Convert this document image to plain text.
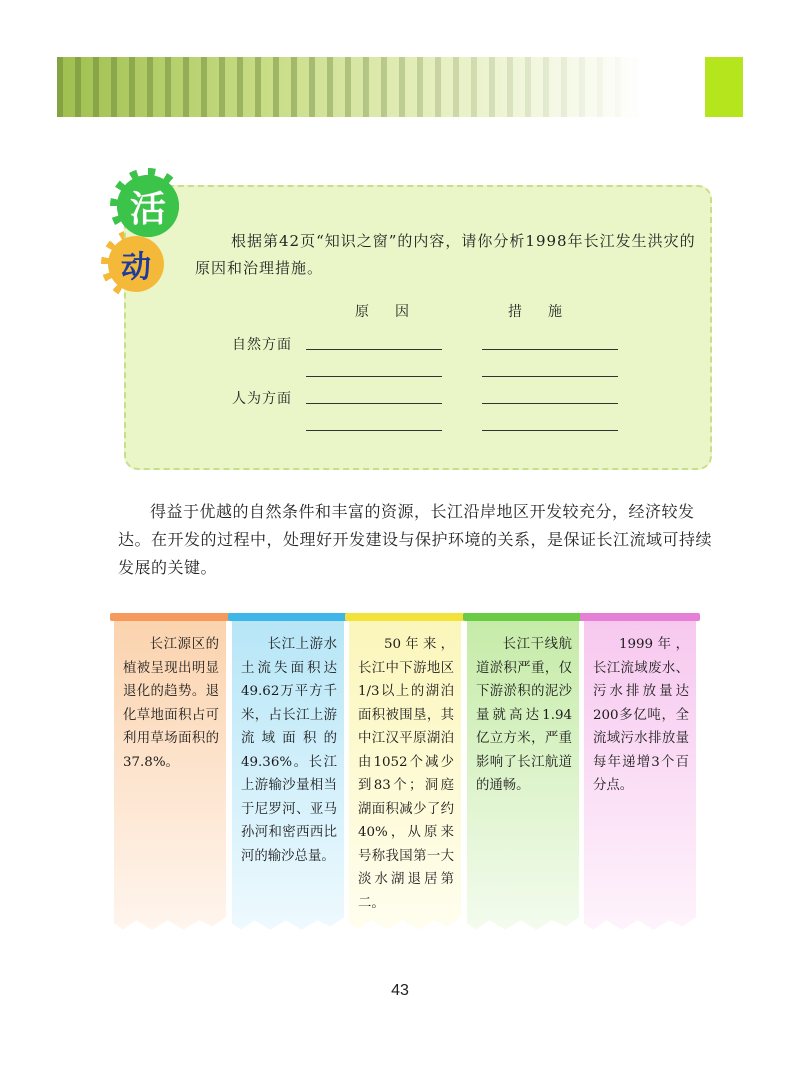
活
动
根据第42页“知识之窗”的内容，请你分析1998年长江发生洪灾的原因和治理措施。
原　因	措　施
自然方面
人为方面
得益于优越的自然条件和丰富的资源，长江沿岸地区开发较充分，经济较发达。在开发的过程中，处理好开发建设与保护环境的关系，是保证长江流域可持续发展的关键。
长江源区的植被呈现出明显退化的趋势。退化草地面积占可利用草场面积的37.8%。
长江上游水土流失面积达49.62万平方千米，占长江上游流域面积的49.36%。长江上游输沙量相当于尼罗河、亚马孙河和密西西比河的输沙总量。
50年来，长江中下游地区1/3以上的湖泊面积被围垦，其中江汉平原湖泊由1052个减少到83个；洞庭湖面积减少了约40%，从原来号称我国第一大淡水湖退居第二。
长江干线航道淤积严重，仅下游淤积的泥沙量就高达1.94亿立方米，严重影响了长江航道的通畅。
1999年，长江流域废水、污水排放量达200多亿吨，全流域污水排放量每年递增3个百分点。
43
